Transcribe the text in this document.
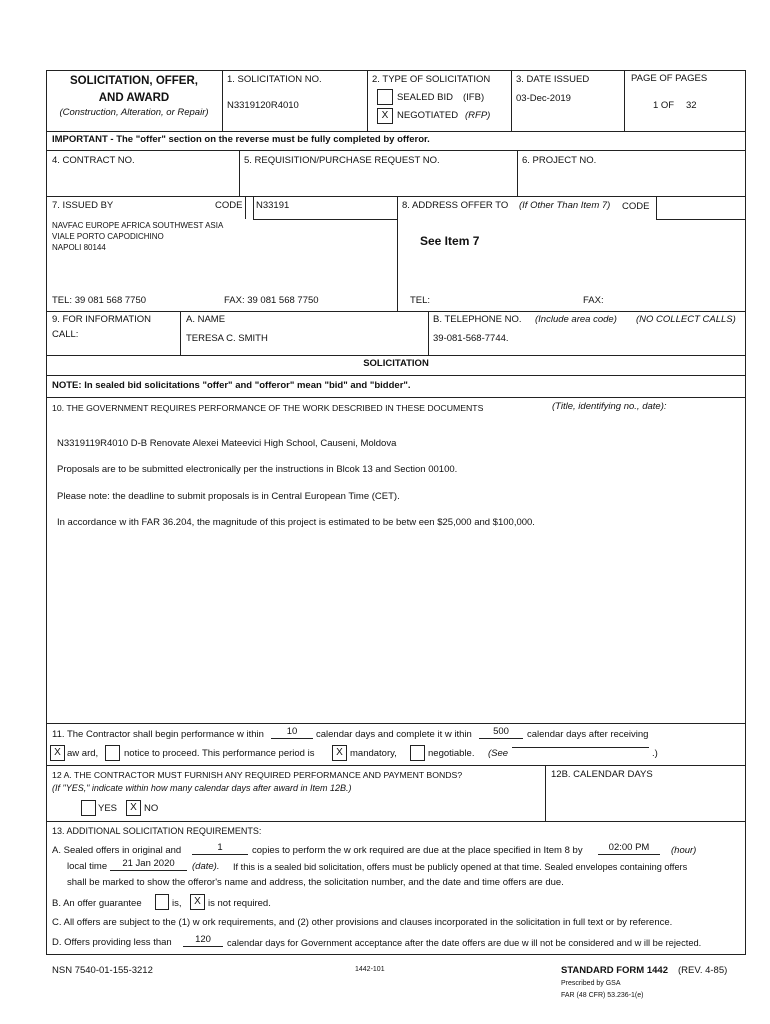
SOLICITATION, OFFER,
AND AWARD
(Construction, Alteration, or Repair)
1. SOLICITATION NO.
N3319120R4010
2. TYPE OF SOLICITATION
SEALED BID (IFB)
X NEGOTIATED (RFP)
3. DATE ISSUED
03-Dec-2019
PAGE OF PAGES
1 OF 32
IMPORTANT - The "offer" section on the reverse must be fully completed by offeror.
4. CONTRACT NO.	5. REQUISITION/PURCHASE REQUEST NO.	6. PROJECT NO.
7. ISSUED BY	CODE N33191
NAVFAC EUROPE AFRICA SOUTHWEST ASIA
VIALE PORTO CAPODICHINO
NAPOLI 80144
TEL: 39 081 568 7750	FAX: 39 081 568 7750
8. ADDRESS OFFER TO (If Other Than Item 7) CODE
See Item 7
TEL:	FAX:
9. FOR INFORMATION
CALL:
A. NAME
TERESA C. SMITH
B. TELEPHONE NO. (Include area code) (NO COLLECT CALLS)
39-081-568-7744.
SOLICITATION
NOTE: In sealed bid solicitations "offer" and "offeror" mean "bid" and "bidder".
10. THE GOVERNMENT REQUIRES PERFORMANCE OF THE WORK DESCRIBED IN THESE DOCUMENTS	(Title, identifying no., date):
N3319119R4010 D-B Renovate Alexei Mateevici High School, Causeni, Moldova
Proposals are to be submitted electronically per the instructions in Blcok 13 and Section 00100.
Please note: the deadline to submit proposals is in Central European Time (CET).
In accordance w ith FAR 36.204, the magnitude of this project is estimated to be betw een $25,000 and $100,000.
11. The Contractor shall begin performance w ithin	10	calendar days and complete it w ithin	500	calendar days after receiving
X aw ard,	notice to proceed. This performance period is	X mandatory,	negotiable. (See	.)
12 A. THE CONTRACTOR MUST FURNISH ANY REQUIRED PERFORMANCE AND PAYMENT BONDS?
(If "YES," indicate within how many calendar days after award in Item 12B.)
YES	X NO
12B. CALENDAR DAYS
13. ADDITIONAL SOLICITATION REQUIREMENTS:
A. Sealed offers in original and	1	copies to perform the w ork required are due at the place specified in Item 8 by	02:00 PM	(hour)
local time	21 Jan 2020	(date). If this is a sealed bid solicitation, offers must be publicly opened at that time. Sealed envelopes containing offers
shall be marked to show the offeror's name and address, the solicitation number, and the date and time offers are due.
B. An offer guarantee	is,	X is not required.
C. All offers are subject to the (1) w ork requirements, and (2) other provisions and clauses incorporated in the solicitation in full text or by reference.
D. Offers providing less than	120	calendar days for Government acceptance after the date offers are due w ill not be considered and w ill be rejected.
NSN 7540-01-155-3212	1442-101	STANDARD FORM 1442 (REV. 4-85)
Prescribed by GSA
FAR (48 CFR) 53.236-1(e)
